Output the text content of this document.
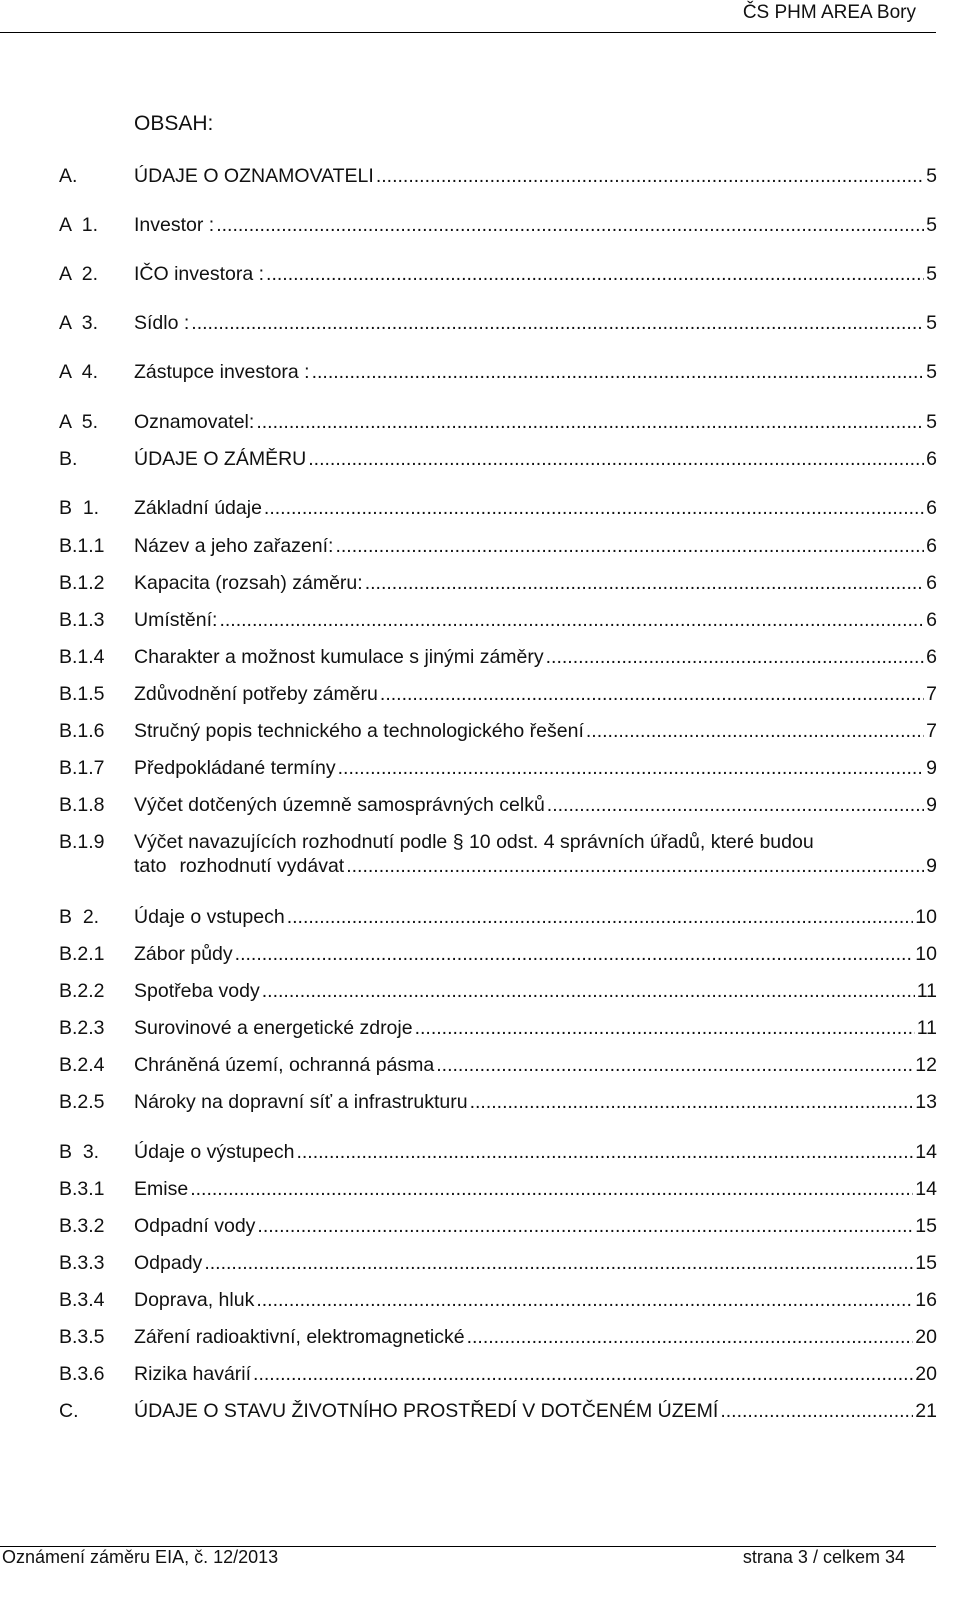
ČS PHM AREA Bory
OBSAH:
A.	ÚDAJE O OZNAMOVATELI .....	5
A  1. Investor : .....	5
A  2. IČO investora : .....	5
A  3. Sídlo : .....	5
A  4. Zástupce investora : .....	5
A  5. Oznamovatel: .....	5
B.	ÚDAJE O ZÁMĚRU .....	6
B  1. Základní údaje .....	6
B.1.1 Název a jeho zařazení: .....	6
B.1.2 Kapacita (rozsah) záměru: .....	6
B.1.3 Umístění: .....	6
B.1.4 Charakter a možnost kumulace s jinými záměry .....	6
B.1.5 Zdůvodnění potřeby záměru .....	7
B.1.6 Stručný popis technického a technologického řešení .....	7
B.1.7 Předpokládané termíny .....	9
B.1.8 Výčet dotčených územně samosprávných celků .....	9
B.1.9 Výčet navazujících rozhodnutí podle § 10 odst. 4 správních úřadů, které budou
tato rozhodnutí vydávat .....	9
B  2. Údaje o vstupech .....	10
B.2.1 Zábor půdy .....	10
B.2.2 Spotřeba vody .....	11
B.2.3 Surovinové a energetické zdroje .....	11
B.2.4 Chráněná území, ochranná pásma .....	12
B.2.5 Nároky na dopravní síť a infrastrukturu .....	13
B  3. Údaje o výstupech .....	14
B.3.1 Emise .....	14
B.3.2 Odpadní vody .....	15
B.3.3 Odpady .....	15
B.3.4 Doprava, hluk .....	16
B.3.5 Záření radioaktivní, elektromagnetické .....	20
B.3.6 Rizika havárií .....	20
C.	ÚDAJE O STAVU ŽIVOTNÍHO PROSTŘEDÍ V DOTČENÉM ÚZEMÍ .....	21
Oznámení záměru EIA, č. 12/2013	strana 3 / celkem 34
